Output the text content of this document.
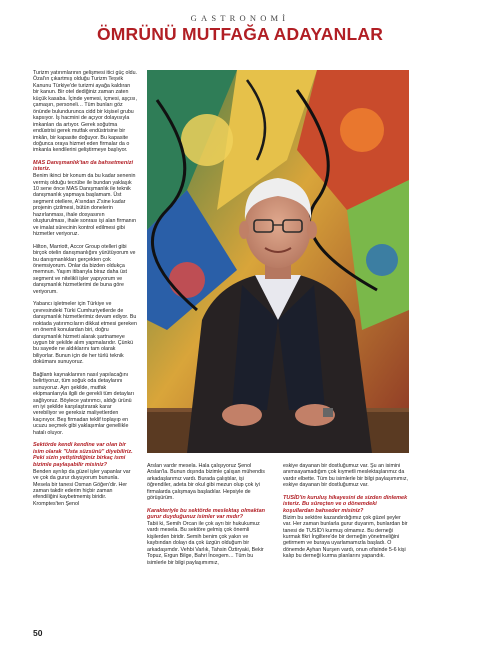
GASTRONOMİ
ÖMRÜNÜ MUTFAĞA ADAYANLAR

Turizm yatırımlarının gelişmesi itici güç oldu. Özal'ın çıkartmış olduğu Turizm Teşvik Kanunu Türkiye'de turizmi ayağa kaldıran bir kanun. Bir otel dediğiniz zaman zaten küçük kasaba. İçinde yemesi, içmesi, aşçısı, çamaşırı, personeli… Tüm bunları göz önünde bulundurunca cidd bir kişisel grubu kapsıyor. İş hacmini de açıyor dolayısıyla imkanları da artıyor. Gerek soğutma endüstrisi gerek mutfak endüstrisine bir imkân, bir kapasite doğuyor. Bu kapasite doğunca oraya hizmet eden firmalar da o imkanla kendilerini geliştirmeye başlıyor.

MAS Danışmanlık'tan da bahsetmenizi isteriz.

Benim ikinci bir konum da bu kadar senenin vermiş olduğu tecrübe ile bundan yaklaşık 10 sene önce MAS Danışmanlık ile teknik danışmanlık yapmaya başlamam. Üst segment otellere, A'sından Z'sine kadar projenin çizilmesi, bütün donelerin hazırlanması, ihale dosyasının oluşturulması, ihale sonrası işi alan firmanın ve imalat sürecinin kontrol edilmesi gibi hizmetler veriyoruz.

Hilton, Marriott, Accor Group otelleri gibi birçok otelin danışmanlığını yürütüyorum ve bu danışmanlıkları gerçekten çok önemsiyorum. Onlar da bizden oldukça memnun. Yaşım itibarıyla biraz daha üst segment ve nitelikli işler yapıyorum ve danışmanlık hizmetlerimi de buna göre veriyorum.

Yabancı işletmeler için Türkiye ve çevresindeki Türki Cumhuriyetlerde de danışmanlık hizmetlerimiz devam ediyor. Bu noktada yatırımcıların dikkat etmesi gereken en önemli konulardan biri, doğru danışmanlık hizmeti alarak şartnameye uygun bir şekilde alım yapmalarıdır. Çünkü bu sayede ne aldıklarını tam olarak biliyorlar. Bunun için de her türlü teknik dokümanı sunuyoruz.

Bağlantı kaynaklarının nasıl yapılacağını belirtiyoruz, tüm soğuk oda detaylarını sunuyoruz. Ayrı şekilde, mutfak ekipmanlarıyla ilgili de gerekli tüm detayları sağlıyoruz. Böylece yatırımcı, aldığı ürünü en iyi şekilde karşılaştırarak karar verebiliyor ve gereksiz maliyetlerden kaçınıyor. Beş firmadan teklif toplayıp en ucuzu seçmek gibi yaklaşımlar genellikle hatalı oluyor.

Sektörde kendi kendine var olan bir isim olarak "Usta süzsünü" diyebiliriz. Peki sizin yetiştirdiğiniz birkaç ismi bizimle paylaşabilir misiniz?

Benden ayrılıp da güzel işler yapanlar var ve çok da gurur duyuyorum bununla. Mesela bir tanesi Osman Göğen'dir. Her zaman takdir ederim hiçbir zaman efendiliğini kaybetmemiş biridir. Kromptes'ten Şenol

Arslan vardır mesela. Hala çalışıyoruz Şenol Arslan'la. Bunun dışında bizimle çalışan mühendis arkadaşlarımız vardı. Burada çalıştılar, işi öğrendiler, adeta bir okul gibi mezun olup çok iyi firmalarda çalışmaya başladılar. Hepsiyle de görüşürüm.

Karakteriyle bu sektörde meslektaş olmaktan gurur duyduğunuz isimler var mıdır?

Tabii ki, Semih Orcan ile çok ayrı bir hukukumuz vardı mesela. Bu sektöre gelmiş çok önemli kişilerden biridir. Semih benim çok yakın ve kaybından dolayı da çok üzgün olduğum bir arkadaşımdır. Vehbi Varlık, Tahsin Öztiryaki, Bekir Topuz, Ergun Bilge, Bahri İncegem… Tüm bu isimlerle bir bilgi paylaşımımız,

eskiye dayanan bir dostluğumuz var. Şu an isimini anımsayamadığım çok kıymetli meslektaşlarımız da vardır elbette. Tüm bu isimlerle bir bilgi paylaşımımız, eskiye dayanan bir dostluğumuz var.

TUSİD'in kuruluş hikayesini de sizden dinlemek isteriz. Bu süreçten ve o dönemdeki koşullardan bahseder misiniz?

Bizim bu sektöre kazandırdığımız çok güzel şeyler var. Her zaman bunlarla gurur duyarım, bunlardan bir tanesi de TUSİD'i kurmuş olmamız. Bu derneği kurmak fikri İngiltere'de bir derneğin yönetmeliğini getirmem ve buraya uyarlamamızla başladı. O dönemde Ayhan Nurşen vardı, onun ofisinde 5-6 kişi kalıp bu derneği kurma planlarını yaparıdık.

50
